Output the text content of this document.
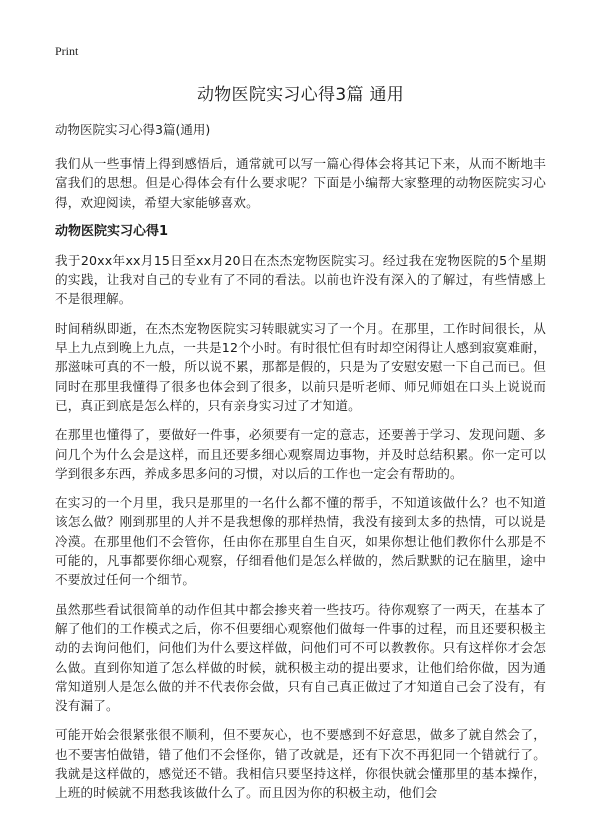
Print
动物医院实习心得3篇 通用
动物医院实习心得3篇(通用)

我们从一些事情上得到感悟后，通常就可以写一篇心得体会将其记下来，从而不断地丰富我们的思想。但是心得体会有什么要求呢？下面是小编帮大家整理的动物医院实习心得，欢迎阅读，希望大家能够喜欢。

动物医院实习心得1

我于20xx年xx月15日至xx月20日在杰杰宠物医院实习。经过我在宠物医院的5个星期的实践，让我对自己的专业有了不同的看法。以前也许没有深入的了解过，有些情感上不是很理解。

时间稍纵即逝，在杰杰宠物医院实习转眼就实习了一个月。在那里，工作时间很长，从早上九点到晚上九点，一共是12个小时。有时很忙但有时却空闲得让人感到寂寞难耐，那滋味可真的不一般，所以说不累，那都是假的，只是为了安慰安慰一下自己而已。但同时在那里我懂得了很多也体会到了很多，以前只是听老师、师兄师姐在口头上说说而已，真正到底是怎么样的，只有亲身实习过了才知道。

在那里也懂得了，要做好一件事，必须要有一定的意志，还要善于学习、发现问题、多问几个为什么会是这样，而且还要多细心观察周边事物，并及时总结积累。你一定可以学到很多东西，养成多思多问的习惯，对以后的工作也一定会有帮助的。

在实习的一个月里，我只是那里的一名什么都不懂的帮手，不知道该做什么？也不知道该怎么做？刚到那里的人并不是我想像的那样热情，我没有接到太多的热情，可以说是冷漠。在那里他们不会管你，任由你在那里自生自灭，如果你想让他们教你什么那是不可能的，凡事都要你细心观察，仔细看他们是怎么样做的，然后默默的记在脑里，途中不要放过任何一个细节。

虽然那些看试很简单的动作但其中都会掺夹着一些技巧。待你观察了一两天，在基本了解了他们的工作模式之后，你不但要细心观察他们做每一件事的过程，而且还要积极主动的去询问他们，问他们为什么要这样做，问他们可不可以教教你。只有这样你才会怎么做。直到你知道了怎么样做的时候，就积极主动的提出要求，让他们给你做，因为通常知道别人是怎么做的并不代表你会做，只有自己真正做过了才知道自己会了没有，有没有漏了。

可能开始会很紧张很不顺利，但不要灰心，也不要感到不好意思，做多了就自然会了，也不要害怕做错，错了他们不会怪你，错了改就是，还有下次不再犯同一个错就行了。我就是这样做的，感觉还不错。我相信只要坚持这样，你很快就会懂那里的基本操作，上班的时候就不用愁我该做什么了。而且因为你的积极主动，他们会
